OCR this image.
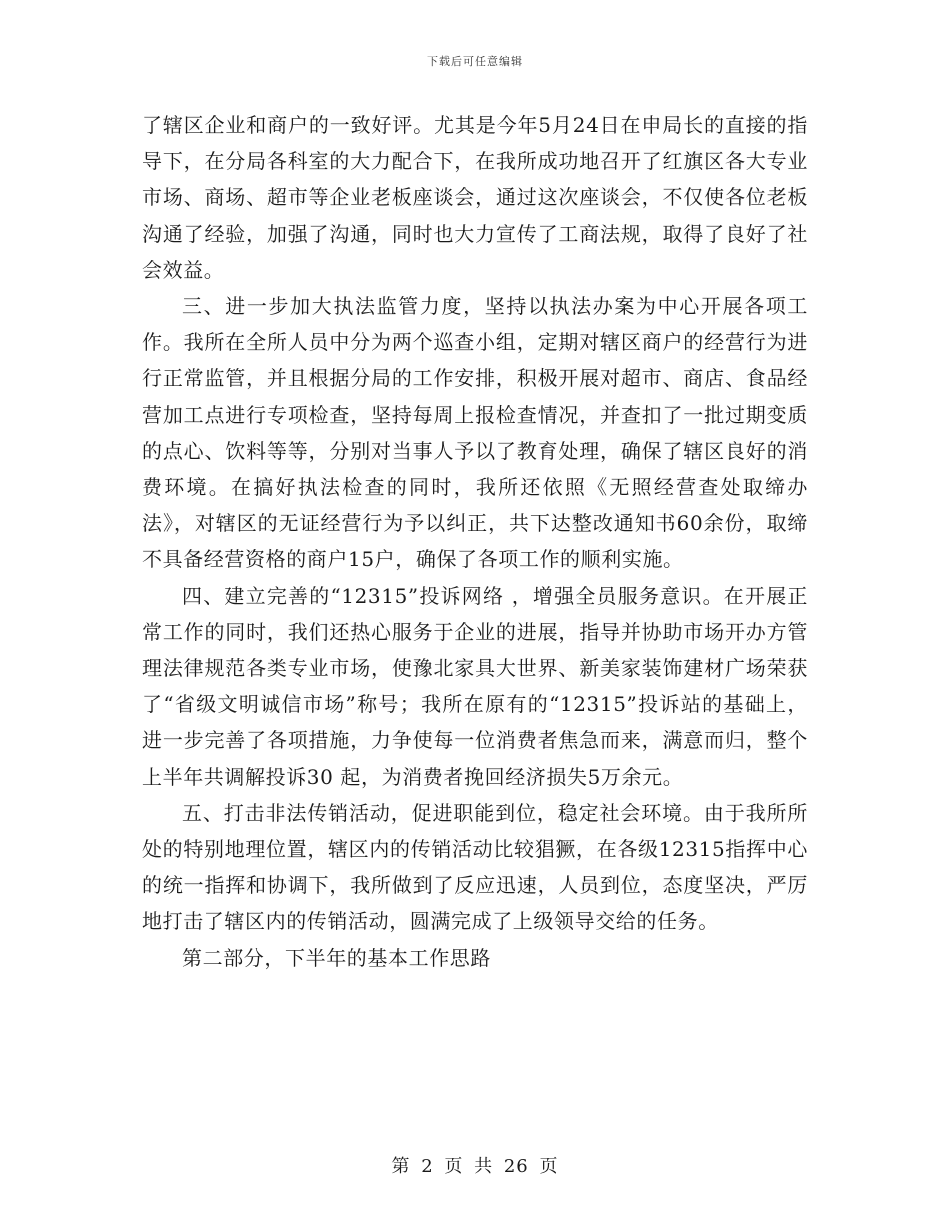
下载后可任意编辑

了辖区企业和商户的一致好评。尤其是今年5月24日在申局长的直接的指导下，在分局各科室的大力配合下，在我所成功地召开了红旗区各大专业市场、商场、超市等企业老板座谈会，通过这次座谈会，不仅使各位老板沟通了经验，加强了沟通，同时也大力宣传了工商法规，取得了良好了社会效益。

三、进一步加大执法监管力度，坚持以执法办案为中心开展各项工作。我所在全所人员中分为两个巡查小组，定期对辖区商户的经营行为进行正常监管，并且根据分局的工作安排，积极开展对超市、商店、食品经营加工点进行专项检查，坚持每周上报检查情况，并查扣了一批过期变质的点心、饮料等等，分别对当事人予以了教育处理，确保了辖区良好的消费环境。在搞好执法检查的同时，我所还依照《无照经营查处取缔办法》，对辖区的无证经营行为予以纠正，共下达整改通知书60余份，取缔不具备经营资格的商户15户，确保了各项工作的顺利实施。

四、建立完善的“12315”投诉网络 ，增强全员服务意识。在开展正常工作的同时，我们还热心服务于企业的进展，指导并协助市场开办方管理法律规范各类专业市场，使豫北家具大世界、新美家装饰建材广场荣获了“省级文明诚信市场”称号；我所在原有的“12315”投诉站的基础上，进一步完善了各项措施，力争使每一位消费者焦急而来，满意而归，整个上半年共调解投诉30 起，为消费者挽回经济损失5万余元。

五、打击非法传销活动，促进职能到位，稳定社会环境。由于我所所处的特别地理位置，辖区内的传销活动比较猖獗，在各级12315指挥中心的统一指挥和协调下，我所做到了反应迅速，人员到位，态度坚决，严厉地打击了辖区内的传销活动，圆满完成了上级领导交给的任务。

第二部分，下半年的基本工作思路

第 2 页 共 26 页
